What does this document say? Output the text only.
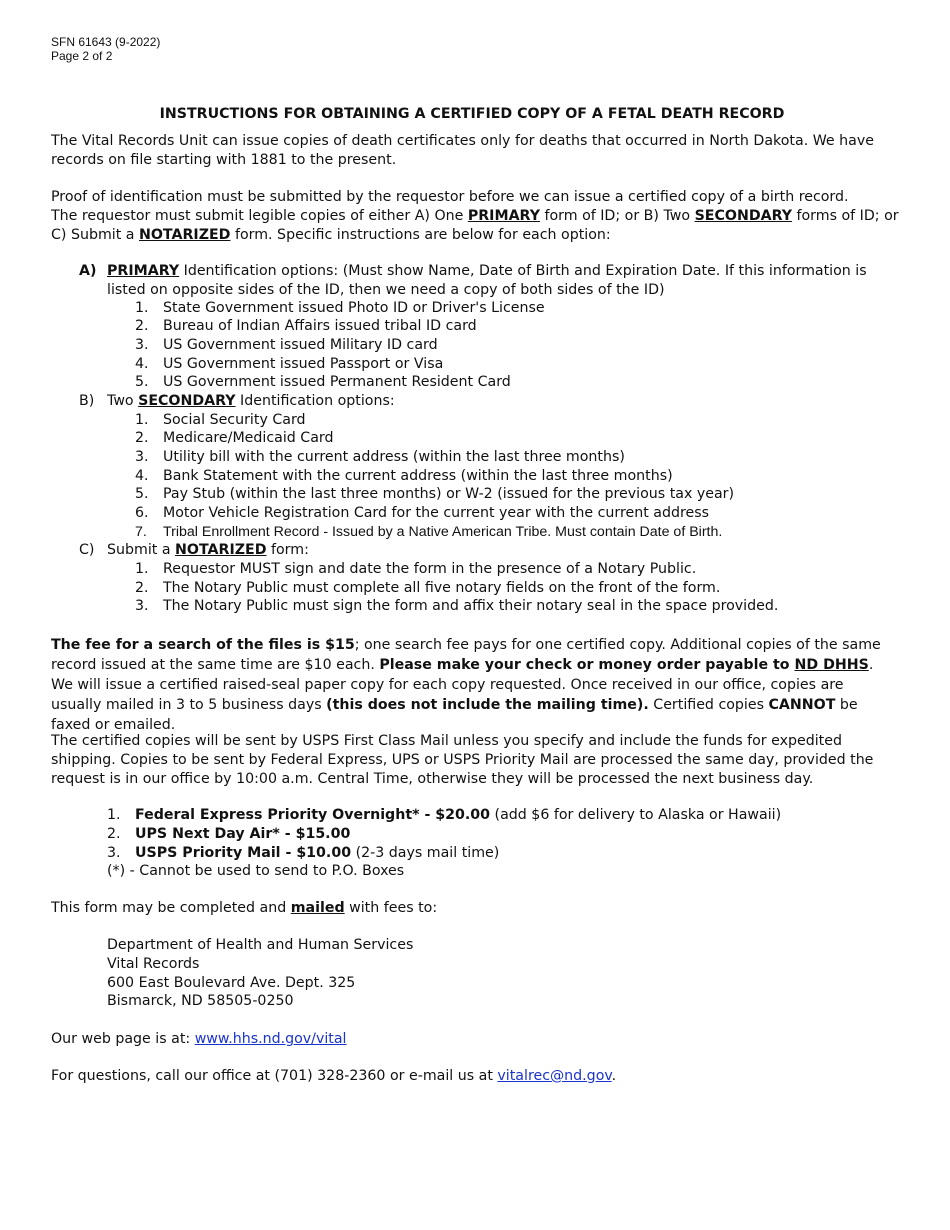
SFN 61643 (9-2022)
Page 2 of 2
INSTRUCTIONS FOR OBTAINING A CERTIFIED COPY OF A FETAL DEATH RECORD
The Vital Records Unit can issue copies of death certificates only for deaths that occurred in North Dakota. We have records on file starting with 1881 to the present.
Proof of identification must be submitted by the requestor before we can issue a certified copy of a birth record.
The requestor must submit legible copies of either A) One PRIMARY form of ID; or B) Two SECONDARY forms of ID; or C) Submit a NOTARIZED form. Specific instructions are below for each option:
A) PRIMARY Identification options: (Must show Name, Date of Birth and Expiration Date. If this information is listed on opposite sides of the ID, then we need a copy of both sides of the ID)
1. State Government issued Photo ID or Driver's License
2. Bureau of Indian Affairs issued tribal ID card
3. US Government issued Military ID card
4. US Government issued Passport or Visa
5. US Government issued Permanent Resident Card
B) Two SECONDARY Identification options:
1. Social Security Card
2. Medicare/Medicaid Card
3. Utility bill with the current address (within the last three months)
4. Bank Statement with the current address (within the last three months)
5. Pay Stub (within the last three months) or W-2 (issued for the previous tax year)
6. Motor Vehicle Registration Card for the current year with the current address
7. Tribal Enrollment Record - Issued by a Native American Tribe. Must contain Date of Birth.
C) Submit a NOTARIZED form:
1. Requestor MUST sign and date the form in the presence of a Notary Public.
2. The Notary Public must complete all five notary fields on the front of the form.
3. The Notary Public must sign the form and affix their notary seal in the space provided.
The fee for a search of the files is $15; one search fee pays for one certified copy. Additional copies of the same record issued at the same time are $10 each. Please make your check or money order payable to ND DHHS. We will issue a certified raised-seal paper copy for each copy requested. Once received in our office, copies are usually mailed in 3 to 5 business days (this does not include the mailing time). Certified copies CANNOT be faxed or emailed.
The certified copies will be sent by USPS First Class Mail unless you specify and include the funds for expedited shipping. Copies to be sent by Federal Express, UPS or USPS Priority Mail are processed the same day, provided the request is in our office by 10:00 a.m. Central Time, otherwise they will be processed the next business day.
1. Federal Express Priority Overnight* - $20.00 (add $6 for delivery to Alaska or Hawaii)
2. UPS Next Day Air* - $15.00
3. USPS Priority Mail - $10.00 (2-3 days mail time)
(*) - Cannot be used to send to P.O. Boxes
This form may be completed and mailed with fees to:
Department of Health and Human Services
Vital Records
600 East Boulevard Ave. Dept. 325
Bismarck, ND 58505-0250
Our web page is at: www.hhs.nd.gov/vital
For questions, call our office at (701) 328-2360 or e-mail us at vitalrec@nd.gov.
